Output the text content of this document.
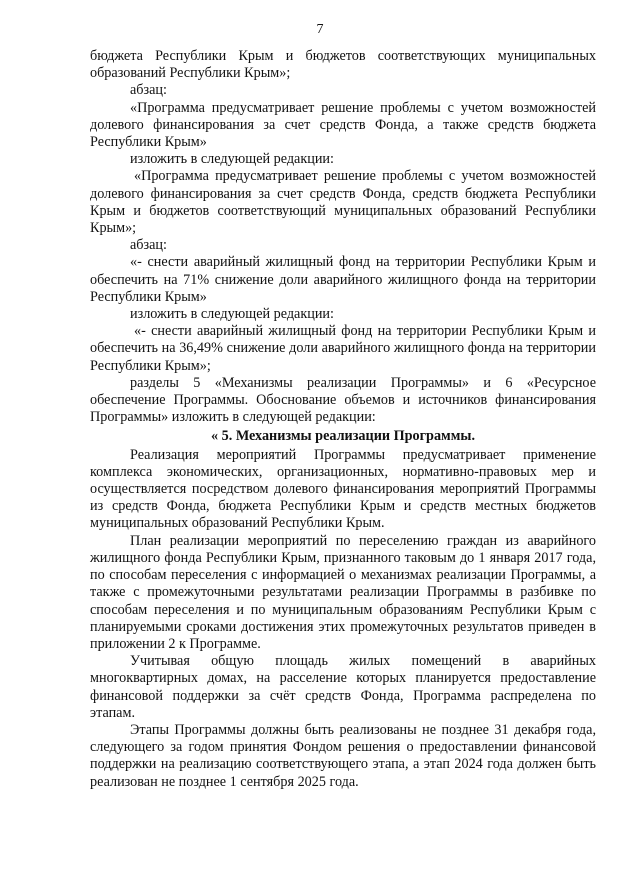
7

бюджета Республики Крым и бюджетов соответствующих муниципальных образований Республики Крым»;

абзац:

«Программа предусматривает решение проблемы с учетом возможностей долевого финансирования за счет средств Фонда, а также средств бюджета Республики Крым»

изложить в следующей редакции:

«Программа предусматривает решение проблемы с учетом возможностей долевого финансирования за счет средств Фонда, средств бюджета Республики Крым и бюджетов соответствующий муниципальных образований Республики Крым»;

абзац:

«- снести аварийный жилищный фонд на территории Республики Крым и обеспечить на 71% снижение доли аварийного жилищного фонда на территории Республики Крым»

изложить в следующей редакции:

«- снести аварийный жилищный фонд на территории Республики Крым и обеспечить на 36,49% снижение доли аварийного жилищного фонда на территории Республики Крым»;

разделы 5 «Механизмы реализации Программы» и 6 «Ресурсное обеспечение Программы. Обоснование объемов и источников финансирования Программы» изложить в следующей редакции:

« 5. Механизмы реализации Программы.

Реализация мероприятий Программы предусматривает применение комплекса экономических, организационных, нормативно-правовых мер и осуществляется посредством долевого финансирования мероприятий Программы из средств Фонда, бюджета Республики Крым и средств местных бюджетов муниципальных образований Республики Крым.

План реализации мероприятий по переселению граждан из аварийного жилищного фонда Республики Крым, признанного таковым до 1 января 2017 года, по способам переселения с информацией о механизмах реализации Программы, а также с промежуточными результатами реализации Программы в разбивке по способам переселения и по муниципальным образованиям Республики Крым с планируемыми сроками достижения этих промежуточных результатов приведен в приложении 2 к Программе.

Учитывая общую площадь жилых помещений в аварийных многоквартирных домах, на расселение которых планируется предоставление финансовой поддержки за счёт средств Фонда, Программа распределена по этапам.

Этапы Программы должны быть реализованы не позднее 31 декабря года, следующего за годом принятия Фондом решения о предоставлении финансовой поддержки на реализацию соответствующего этапа, а этап 2024 года должен быть реализован не позднее 1 сентября 2025 года.
